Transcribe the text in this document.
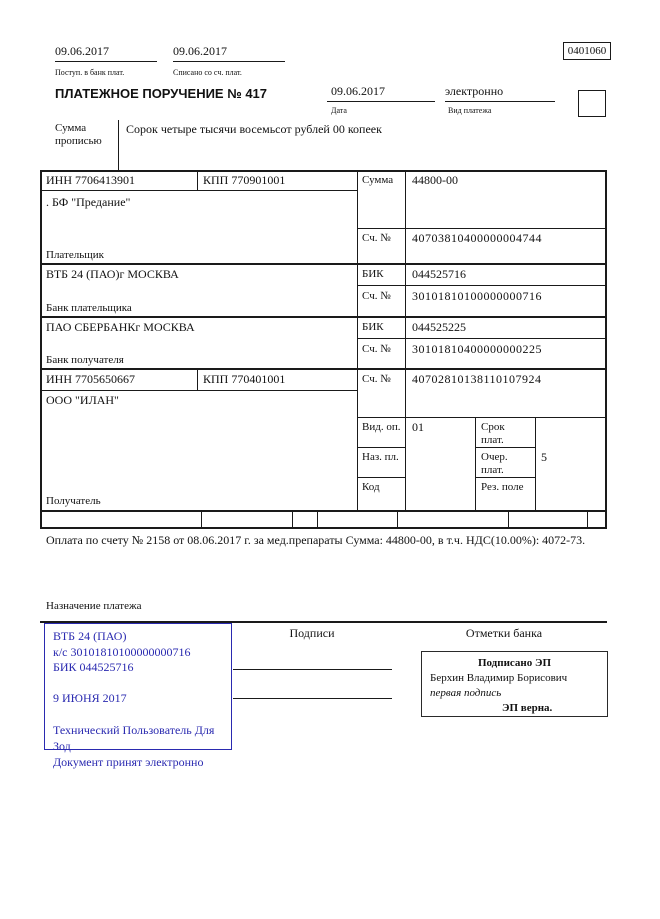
09.06.2017
Поступ. в банк плат.
09.06.2017
Списано со сч. плат.
0401060
ПЛАТЕЖНОЕ ПОРУЧЕНИЕ № 417	09.06.2017
Дата
электронно
Вид платежа
Сумма прописью
Сорок четыре тысячи восемьсот рублей 00 копеек
ИНН 7706413901	КПП 770901001	Сумма 44800-00
. БФ "Предание"
Сч. № 40703810400000004744
Плательщик
ВТБ 24 (ПАО)г МОСКВА	БИК 044525716
Сч. № 30101810100000000716
Банк плательщика
ПАО СБЕРБАНКг МОСКВА	БИК 044525225
Сч. № 30101810400000000225
Банк получателя
ИНН 7705650667	КПП 770401001	Сч. № 40702810138110107924
ООО "ИЛАН"
Вид. оп. 01	Срок плат.
Наз. пл.	Очер. плат.
5
Код	Рез. поле
Получатель
Оплата по счету № 2158 от 08.06.2017 г. за мед.препараты Сумма: 44800-00, в т.ч. НДС(10.00%): 4072-73.
Назначение платежа
ВТБ 24 (ПАО)
к/с 30101810100000000716
БИК 044525716
9 ИЮНЯ 2017
Технический Пользователь Для Зод
Документ принят электронно
Подписи	Отметки банка
Подписано ЭП
Берхин Владимир Борисович
первая подпись
ЭП верна.
